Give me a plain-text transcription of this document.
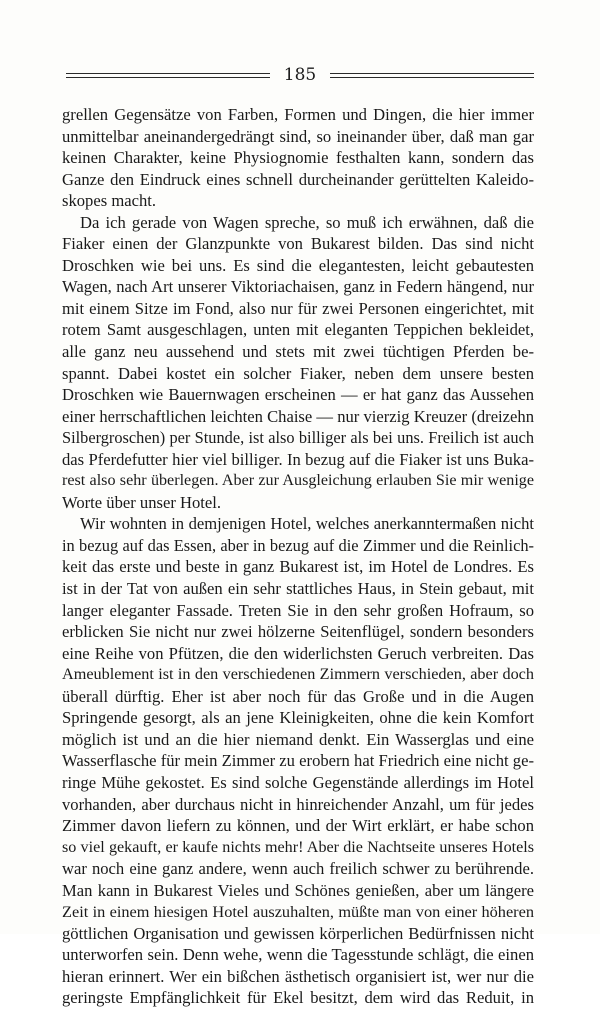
185
grellen Gegensätze von Farben, Formen und Dingen, die hier immer
unmittelbar aneinandergedrängt sind, so ineinander über, daß man gar
keinen Charakter, keine Physiognomie festhalten kann, sondern das
Ganze den Eindruck eines schnell durcheinander gerüttelten Kaleido-
skopes macht.
Da ich gerade von Wagen spreche, so muß ich erwähnen, daß die
Fiaker einen der Glanzpunkte von Bukarest bilden. Das sind nicht
Droschken wie bei uns. Es sind die elegantesten, leicht gebautesten
Wagen, nach Art unserer Viktoriachaisen, ganz in Federn hängend, nur
mit einem Sitze im Fond, also nur für zwei Personen eingerichtet, mit
rotem Samt ausgeschlagen, unten mit eleganten Teppichen bekleidet,
alle ganz neu aussehend und stets mit zwei tüchtigen Pferden be-
spannt. Dabei kostet ein solcher Fiaker, neben dem unsere besten
Droschken wie Bauernwagen erscheinen — er hat ganz das Aussehen
einer herrschaftlichen leichten Chaise — nur vierzig Kreuzer (dreizehn
Silbergroschen) per Stunde, ist also billiger als bei uns. Freilich ist auch
das Pferdefutter hier viel billiger. In bezug auf die Fiaker ist uns Buka-
rest also sehr überlegen. Aber zur Ausgleichung erlauben Sie mir wenige
Worte über unser Hotel.
Wir wohnten in demjenigen Hotel, welches anerkanntermaßen nicht
in bezug auf das Essen, aber in bezug auf die Zimmer und die Reinlich-
keit das erste und beste in ganz Bukarest ist, im Hotel de Londres. Es
ist in der Tat von außen ein sehr stattliches Haus, in Stein gebaut, mit
langer eleganter Fassade. Treten Sie in den sehr großen Hofraum, so
erblicken Sie nicht nur zwei hölzerne Seitenflügel, sondern besonders
eine Reihe von Pfützen, die den widerlichsten Geruch verbreiten. Das
Ameublement ist in den verschiedenen Zimmern verschieden, aber doch
überall dürftig. Eher ist aber noch für das Große und in die Augen
Springende gesorgt, als an jene Kleinigkeiten, ohne die kein Komfort
möglich ist und an die hier niemand denkt. Ein Wasserglas und eine
Wasserflasche für mein Zimmer zu erobern hat Friedrich eine nicht ge-
ringe Mühe gekostet. Es sind solche Gegenstände allerdings im Hotel
vorhanden, aber durchaus nicht in hinreichender Anzahl, um für jedes
Zimmer davon liefern zu können, und der Wirt erklärt, er habe schon
so viel gekauft, er kaufe nichts mehr! Aber die Nachtseite unseres Hotels
war noch eine ganz andere, wenn auch freilich schwer zu berührende.
Man kann in Bukarest Vieles und Schönes genießen, aber um längere
Zeit in einem hiesigen Hotel auszuhalten, müßte man von einer höheren
göttlichen Organisation und gewissen körperlichen Bedürfnissen nicht
unterworfen sein. Denn wehe, wenn die Tagesstunde schlägt, die einen
hieran erinnert. Wer ein bißchen ästhetisch organisiert ist, wer nur die
geringste Empfänglichkeit für Ekel besitzt, dem wird das Reduit, in
